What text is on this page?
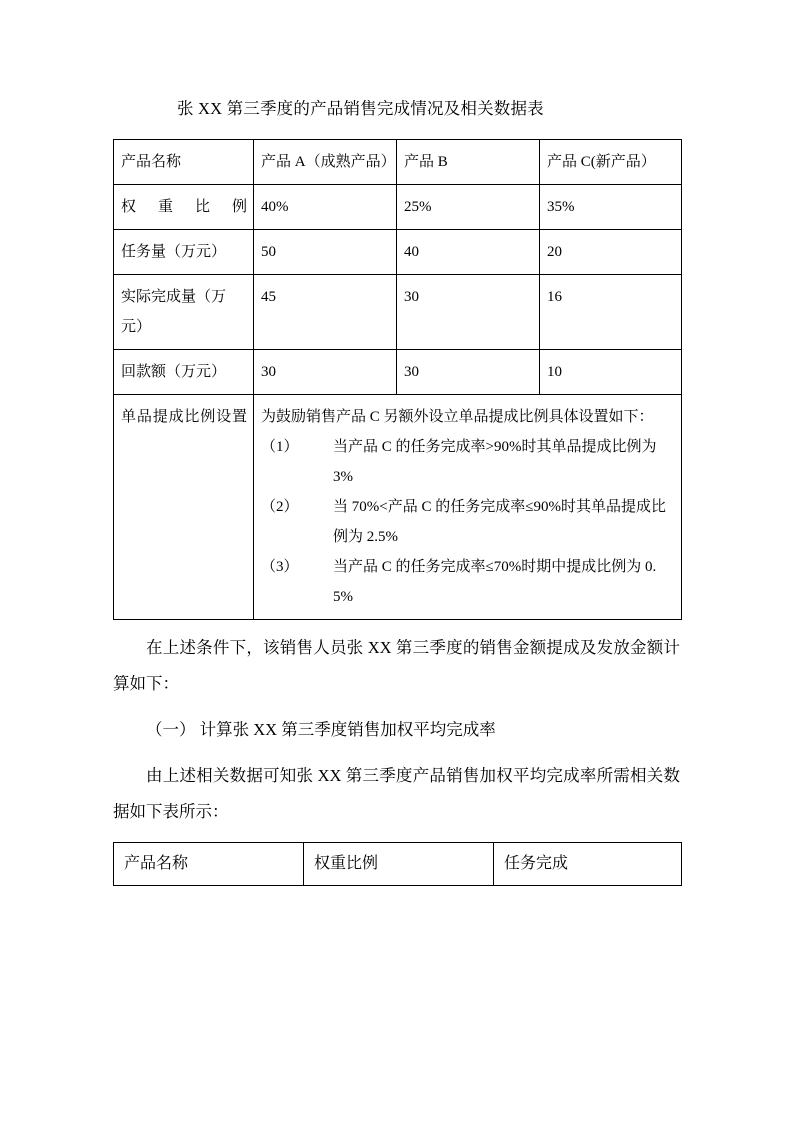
张 XX 第三季度的产品销售完成情况及相关数据表
产品名称	产品 A（成熟产品）	产品 B	产品 C(新产品）
权重比例	40%	25%	35%
任务量（万元）	50	40	20
实际完成量（万元）	45	30	16
回款额（万元）	30	30	10
单品提成比例设置	为鼓励销售产品 C 另额外设立单品提成比例具体设置如下：
（1）	当产品 C 的任务完成率>90%时其单品提成比例为 3%
（2）	当 70%<产品 C 的任务完成率≤90%时其单品提成比例为 2.5%
（3）	当产品 C 的任务完成率≤70%时期中提成比例为 0.5%

在上述条件下，该销售人员张 XX 第三季度的销售金额提成及发放金额计算如下：

（一） 计算张 XX 第三季度销售加权平均完成率

由上述相关数据可知张 XX 第三季度产品销售加权平均完成率所需相关数据如下表所示：

产品名称	权重比例	任务完成
